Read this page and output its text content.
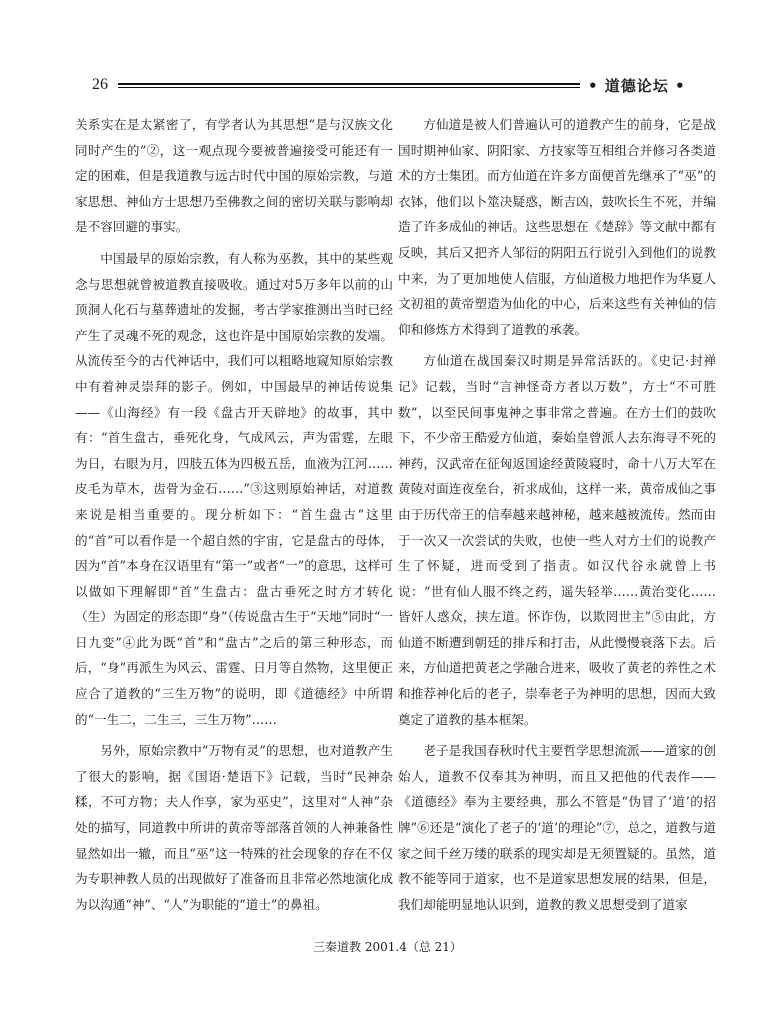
26	• 道德论坛 •

关系实在是太紧密了，有学者认为其思想“是与汉族文化同时产生的”②，这一观点现今要被普遍接受可能还有一定的困难，但是我道教与远古时代中国的原始宗教，与道家思想、神仙方士思想乃至佛教之间的密切关联与影响却是不容回避的事实。

中国最早的原始宗教，有人称为巫教，其中的某些观念与思想就曾被道教直接吸收。通过对5万多年以前的山顶洞人化石与墓葬遗址的发掘，考古学家推测出当时已经产生了灵魂不死的观念，这也许是中国原始宗教的发端。从流传至今的古代神话中，我们可以粗略地窥知原始宗教中有着神灵崇拜的影子。例如，中国最早的神话传说集——《山海经》有一段《盘古开天辟地》的故事，其中有：“首生盘古，垂死化身，气成风云，声为雷霆，左眼为日，右眼为月，四肢五体为四极五岳，血液为江河……皮毛为草木，齿骨为金石……”③这则原始神话，对道教来说是相当重要的。现分析如下：“首生盘古”这里的“首”可以看作是一个超自然的宇宙，它是盘古的母体，因为“首”本身在汉语里有“第一”或者“一”的意思，这样可以做如下理解即“首”生盘古：盘古垂死之时方才转化（生）为固定的形态即“身”（传说盘古生于“天地”同时“一日九变”④此为既“首”和“盘古”之后的第三种形态，而后，“身”再派生为风云、雷霆、日月等自然物，这里便正应合了道教的“三生万物”的说明，即《道德经》中所谓的“一生二，二生三，三生万物”……

另外，原始宗教中“万物有灵”的思想，也对道教产生了很大的影响，据《国语·楚语下》记载，当时“民神杂糅，不可方物；夫人作享，家为巫史”，这里对“人神”杂处的描写，同道教中所讲的黄帝等部落首领的人神兼备性显然如出一辙，而且“巫”这一特殊的社会现象的存在不仅为专职神教人员的出现做好了准备而且非常必然地演化成为以沟通“神”、“人”为职能的“道士”的鼻祖。

方仙道是被人们普遍认可的道教产生的前身，它是战国时期神仙家、阴阳家、方技家等互相组合并修习各类道术的方士集团。而方仙道在许多方面便首先继承了“巫”的衣钵，他们以卜筮决疑惑，断吉凶，鼓吹长生不死，并编造了许多成仙的神话。这些思想在《楚辞》等文献中都有反映，其后又把齐人邹衍的阴阳五行说引入到他们的说教中来，为了更加地使人信服，方仙道极力地把作为华夏人文初祖的黄帝塑造为仙化的中心，后来这些有关神仙的信仰和修炼方术得到了道教的承袭。

方仙道在战国秦汉时期是异常活跃的。《史记·封禅记》记载，当时“言神怪奇方者以万数”，方士“不可胜数”，以至民间事鬼神之事非常之普遍。在方士们的鼓吹下，不少帝王酷爱方仙道，秦始皇曾派人去东海寻不死的神药，汉武帝在征匈返国途经黄陵寝时，命十八万大军在黄陵对面连夜垒台，祈求成仙，这样一来，黄帝成仙之事由于历代帝王的信奉越来越神秘，越来越被流传。然而由于一次又一次尝试的失败，也使一些人对方士们的说教产生了怀疑，进而受到了指责。如汉代谷永就曾上书说：“世有仙人服不终之药，遥失轻举……黄治变化……皆奸人惑众，挟左道。怀诈伪，以欺罔世主”⑤由此，方仙道不断遭到朝廷的排斥和打击，从此慢慢衰落下去。后来，方仙道把黄老之学融合进来，吸收了黄老的养性之术和推荐神化后的老子，崇奉老子为神明的思想，因而大致奠定了道教的基本框架。

老子是我国春秋时代主要哲学思想流派——道家的创始人，道教不仅奉其为神明，而且又把他的代表作——《道德经》奉为主要经典，那么不管是“伪冒了‘道’的招牌”⑥还是“演化了老子的‘道’的理论”⑦，总之，道教与道家之间千丝万缕的联系的现实却是无须置疑的。虽然，道教不能等同于道家，也不是道家思想发展的结果，但是，我们却能明显地认识到，道教的教义思想受到了道家

三秦道教 2001.4（总 21）
